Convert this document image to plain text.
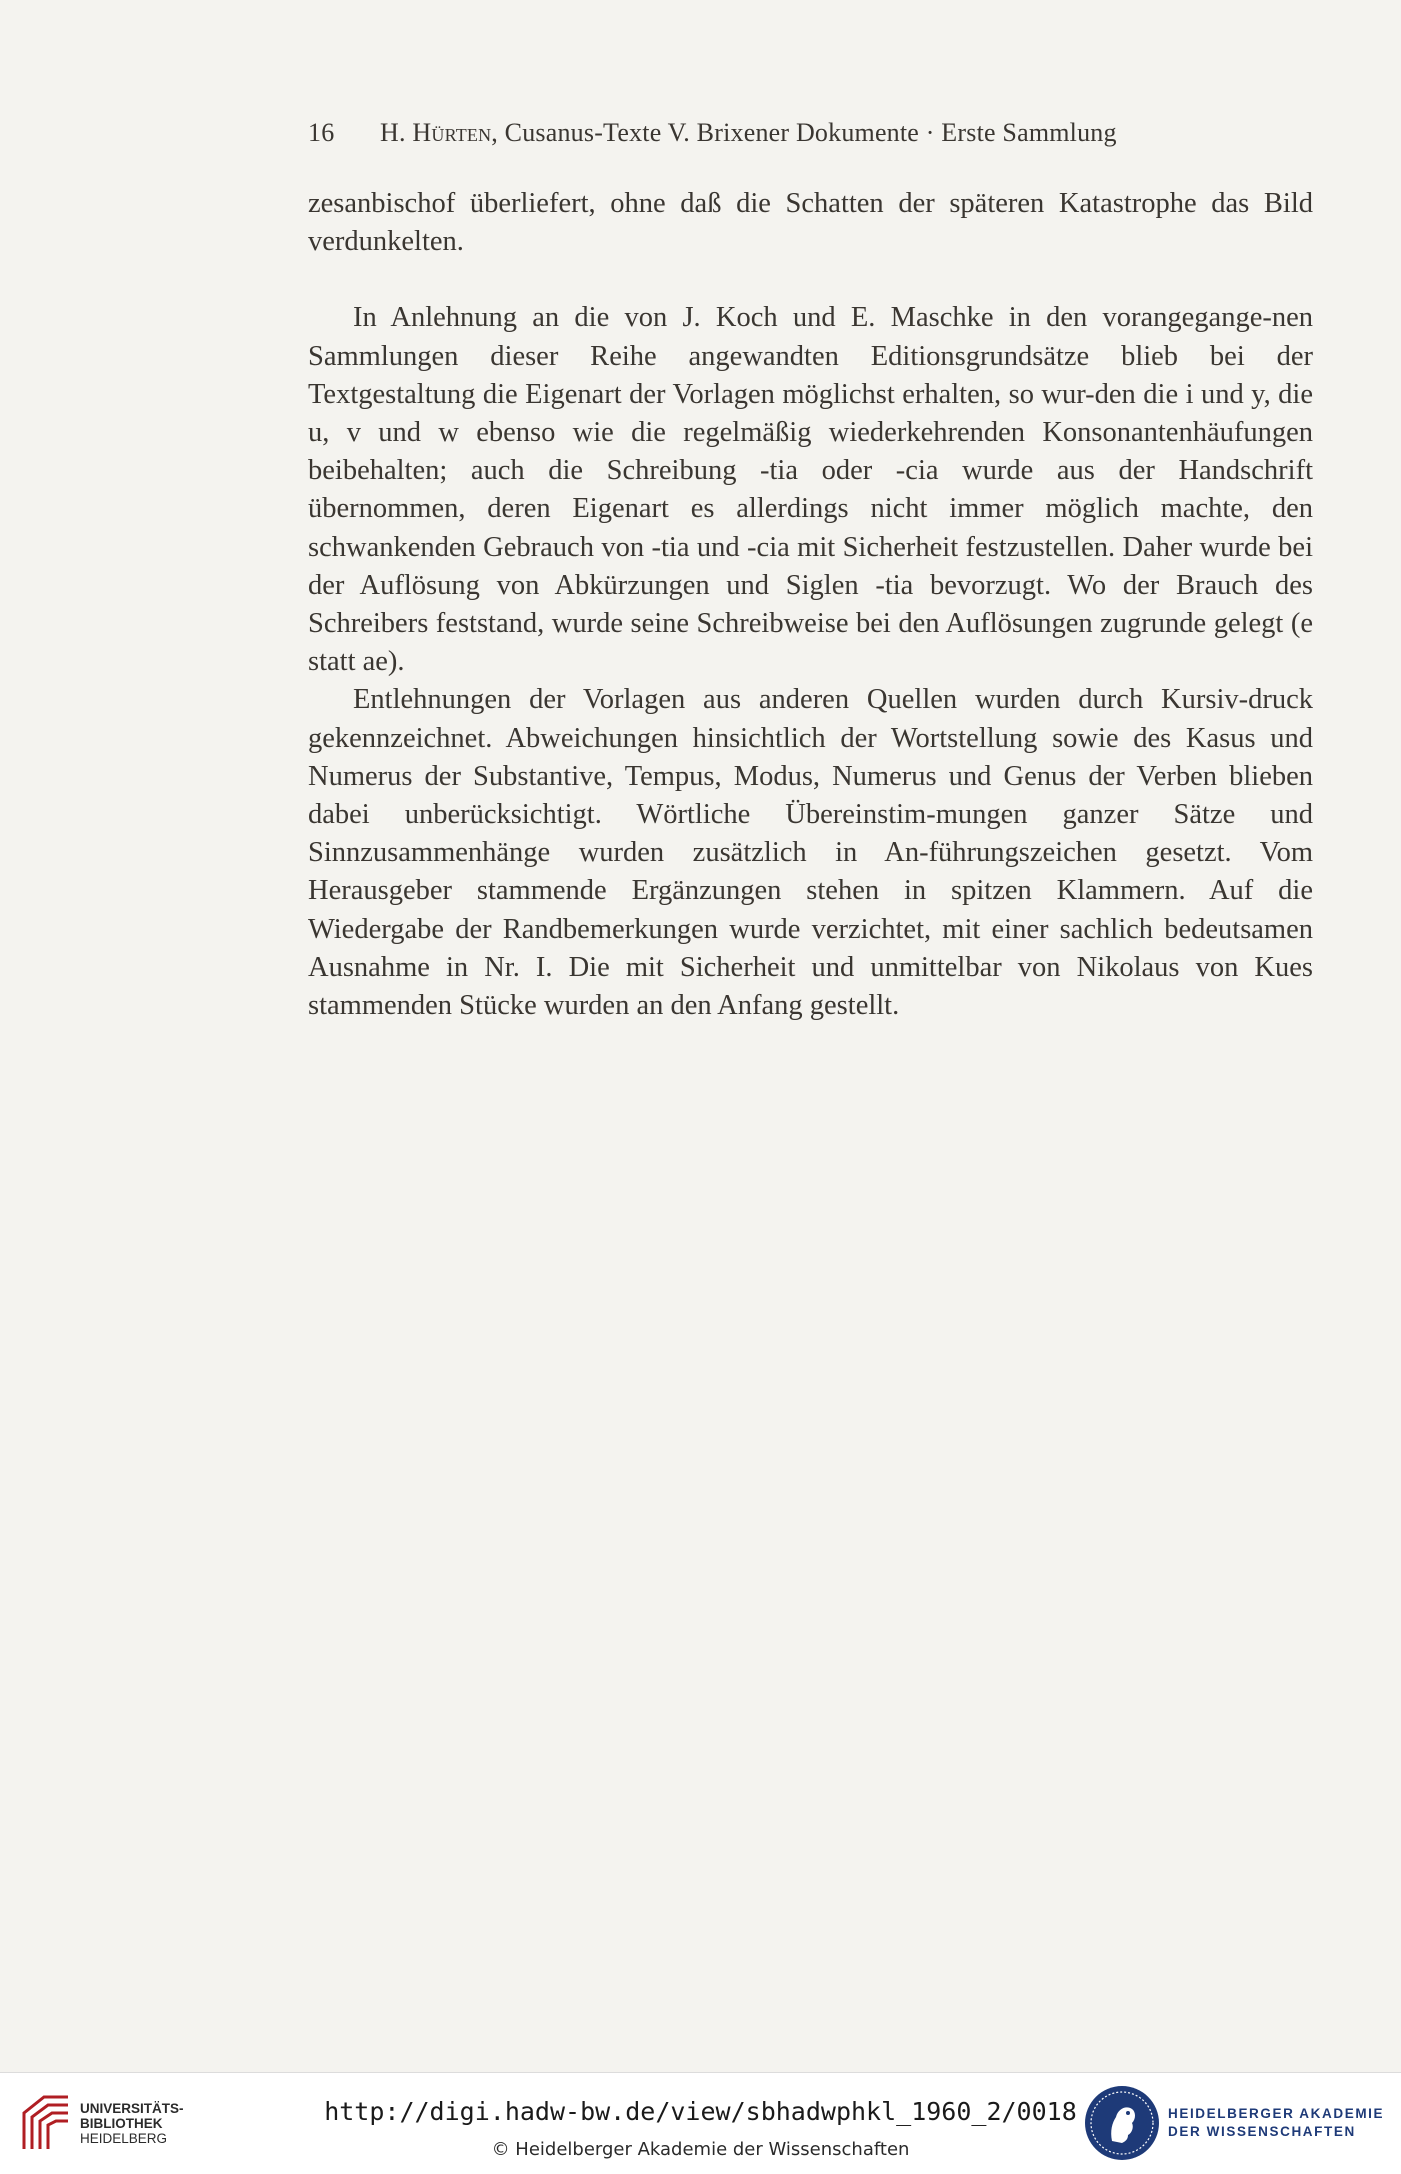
16 H. Hürten, Cusanus-Texte V. Brixener Dokumente · Erste Sammlung

zesanbischof überliefert, ohne daß die Schatten der späteren Katastrophe das Bild verdunkelten.

In Anlehnung an die von J. Koch und E. Maschke in den vorangegange-nen Sammlungen dieser Reihe angewandten Editionsgrundsätze blieb bei der Textgestaltung die Eigenart der Vorlagen möglichst erhalten, so wur-den die i und y, die u, v und w ebenso wie die regelmäßig wiederkehrenden Konsonantenhäufungen beibehalten; auch die Schreibung -tia oder -cia wurde aus der Handschrift übernommen, deren Eigenart es allerdings nicht immer möglich machte, den schwankenden Gebrauch von -tia und -cia mit Sicherheit festzustellen. Daher wurde bei der Auflösung von Abkürzungen und Siglen -tia bevorzugt. Wo der Brauch des Schreibers feststand, wurde seine Schreibweise bei den Auflösungen zugrunde gelegt (e statt ae).

Entlehnungen der Vorlagen aus anderen Quellen wurden durch Kursiv-druck gekennzeichnet. Abweichungen hinsichtlich der Wortstellung sowie des Kasus und Numerus der Substantive, Tempus, Modus, Numerus und Genus der Verben blieben dabei unberücksichtigt. Wörtliche Übereinstim-mungen ganzer Sätze und Sinnzusammenhänge wurden zusätzlich in An-führungszeichen gesetzt. Vom Herausgeber stammende Ergänzungen stehen in spitzen Klammern. Auf die Wiedergabe der Randbemerkungen wurde verzichtet, mit einer sachlich bedeutsamen Ausnahme in Nr. I. Die mit Sicherheit und unmittelbar von Nikolaus von Kues stammenden Stücke wurden an den Anfang gestellt.

UNIVERSITÄTS-
BIBLIOTHEK
HEIDELBERG
http://digi.hadw-bw.de/view/sbhadwphkl_1960_2/0018
© Heidelberger Akademie der Wissenschaften
HEIDELBERGER AKADEMIE
DER WISSENSCHAFTEN
